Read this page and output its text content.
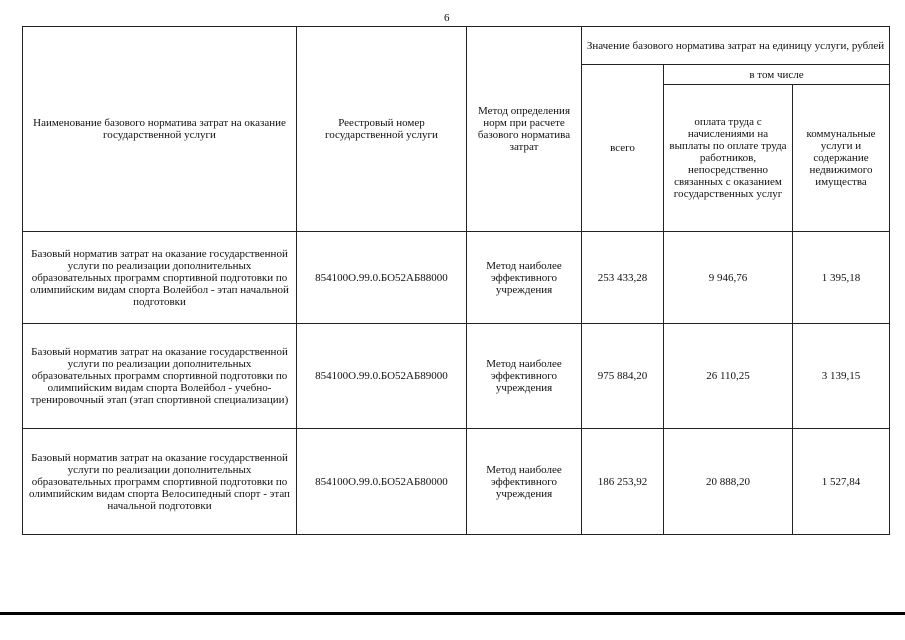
6
Наименование базового норматива затрат на оказание государственной услуги	Реестровый номер государственной услуги	Метод определения норм при расчете базового норматива затрат	Значение базового норматива затрат на единицу услуги, рублей		
			всего	в том числе	
				оплата труда с начислениями на выплаты по оплате труда работников, непосредственно связанных с оказанием государственных услуг	коммунальные услуги и содержание недвижимого имущества
Базовый норматив затрат на оказание государственной услуги по реализации дополнительных образовательных программ спортивной подготовки по олимпийским видам спорта Волейбол - этап начальной подготовки	854100О.99.0.БО52АБ88000	Метод наиболее эффективного учреждения	253 433,28	9 946,76	1 395,18
Базовый норматив затрат на оказание государственной услуги по реализации дополнительных образовательных программ спортивной подготовки по олимпийским видам спорта Волейбол - учебно-тренировочный этап (этап спортивной специализации)	854100О.99.0.БО52АБ89000	Метод наиболее эффективного учреждения	975 884,20	26 110,25	3 139,15
Базовый норматив затрат на оказание государственной услуги по реализации дополнительных образовательных программ спортивной подготовки по олимпийским видам спорта Велосипедный спорт - этап начальной подготовки	854100О.99.0.БО52АБ80000	Метод наиболее эффективного учреждения	186 253,92	20 888,20	1 527,84
